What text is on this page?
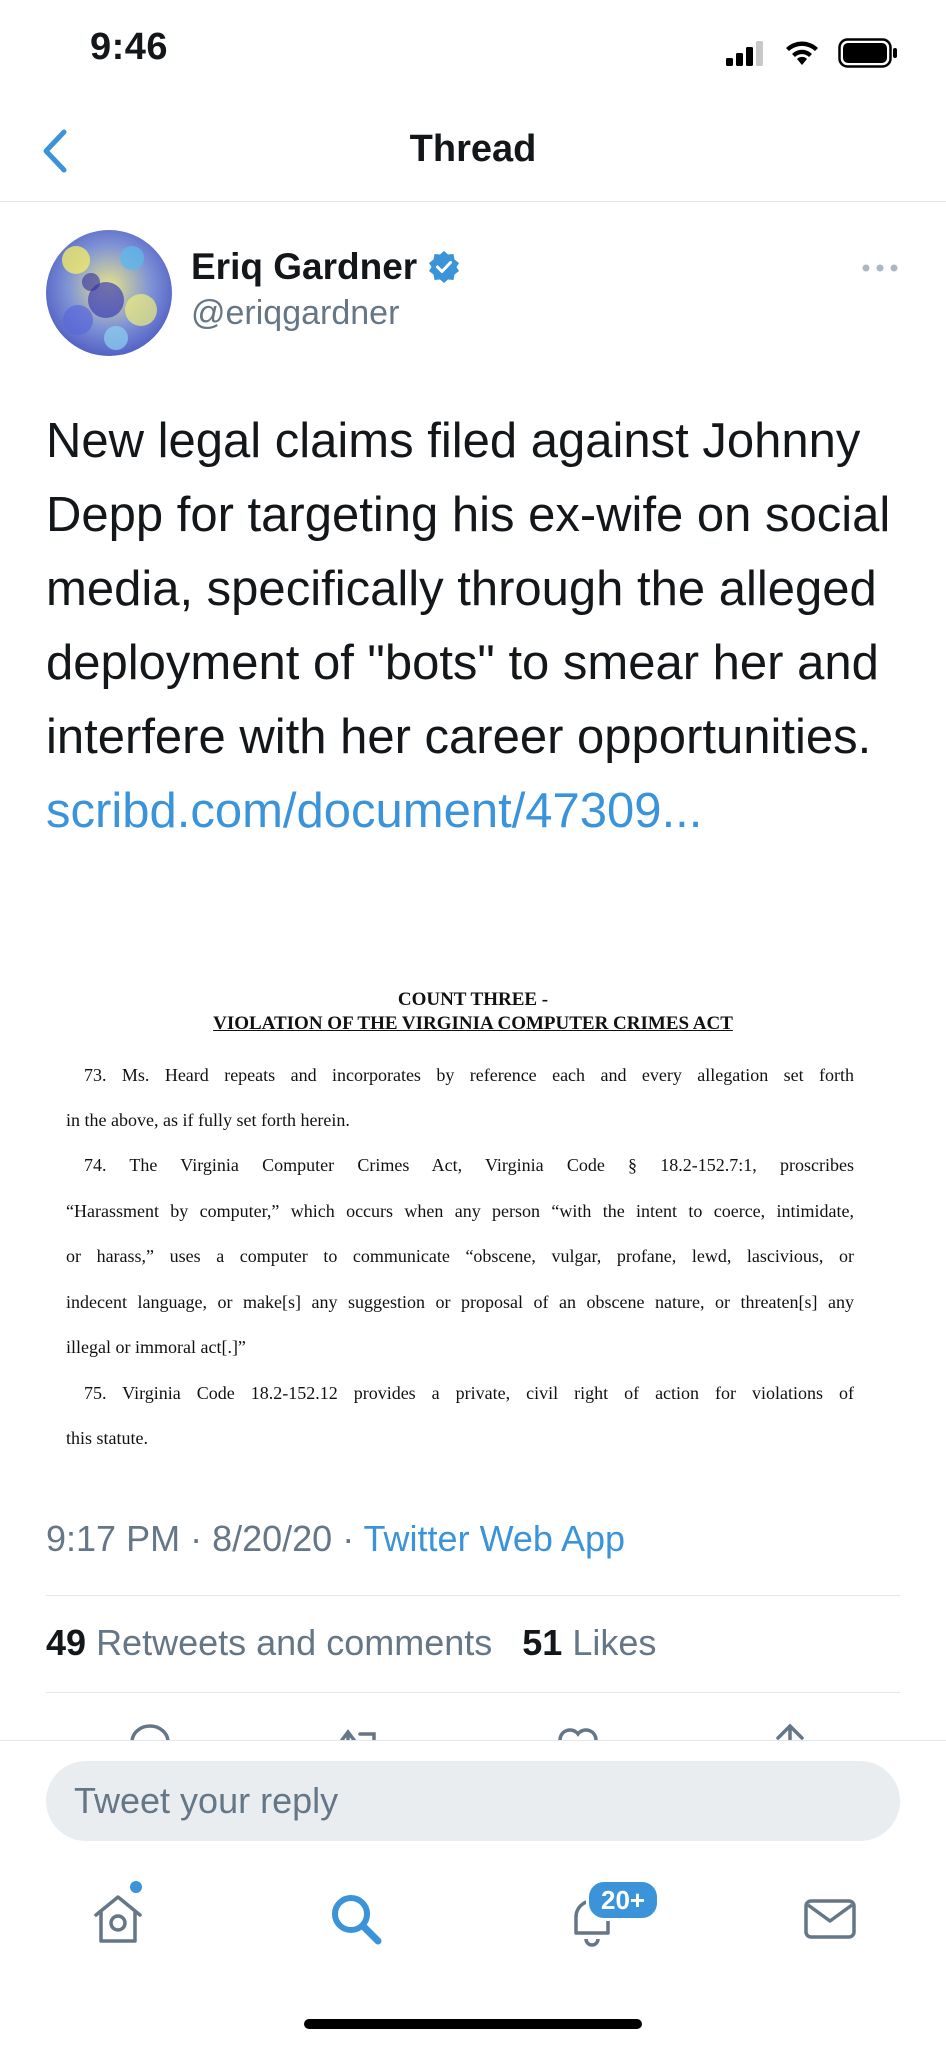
9:46
Thread
Eriq Gardner
@eriqgardner
New legal claims filed against Johnny Depp for targeting his ex-wife on social media, specifically through the alleged deployment of "bots" to smear her and interfere with her career opportunities. scribd.com/document/​47309...
COUNT THREE -
VIOLATION OF THE VIRGINIA COMPUTER CRIMES ACT
73. Ms. Heard repeats and incorporates by reference each and every allegation set forth
in the above, as if fully set forth herein.
74. The Virginia Computer Crimes Act, Virginia Code § 18.2-152.7:1, proscribes
“Harassment by computer,” which occurs when any person “with the intent to coerce, intimidate,
or harass,” uses a computer to communicate “obscene, vulgar, profane, lewd, lascivious, or
indecent language, or make[s] any suggestion or proposal of an obscene nature, or threaten[s] any
illegal or immoral act[.]”
75. Virginia Code 18.2-152.12 provides a private, civil right of action for violations of
this statute.
9:17 PM · 8/20/20 · Twitter Web App
49 Retweets and comments 51 Likes
Tweet your reply
20+
